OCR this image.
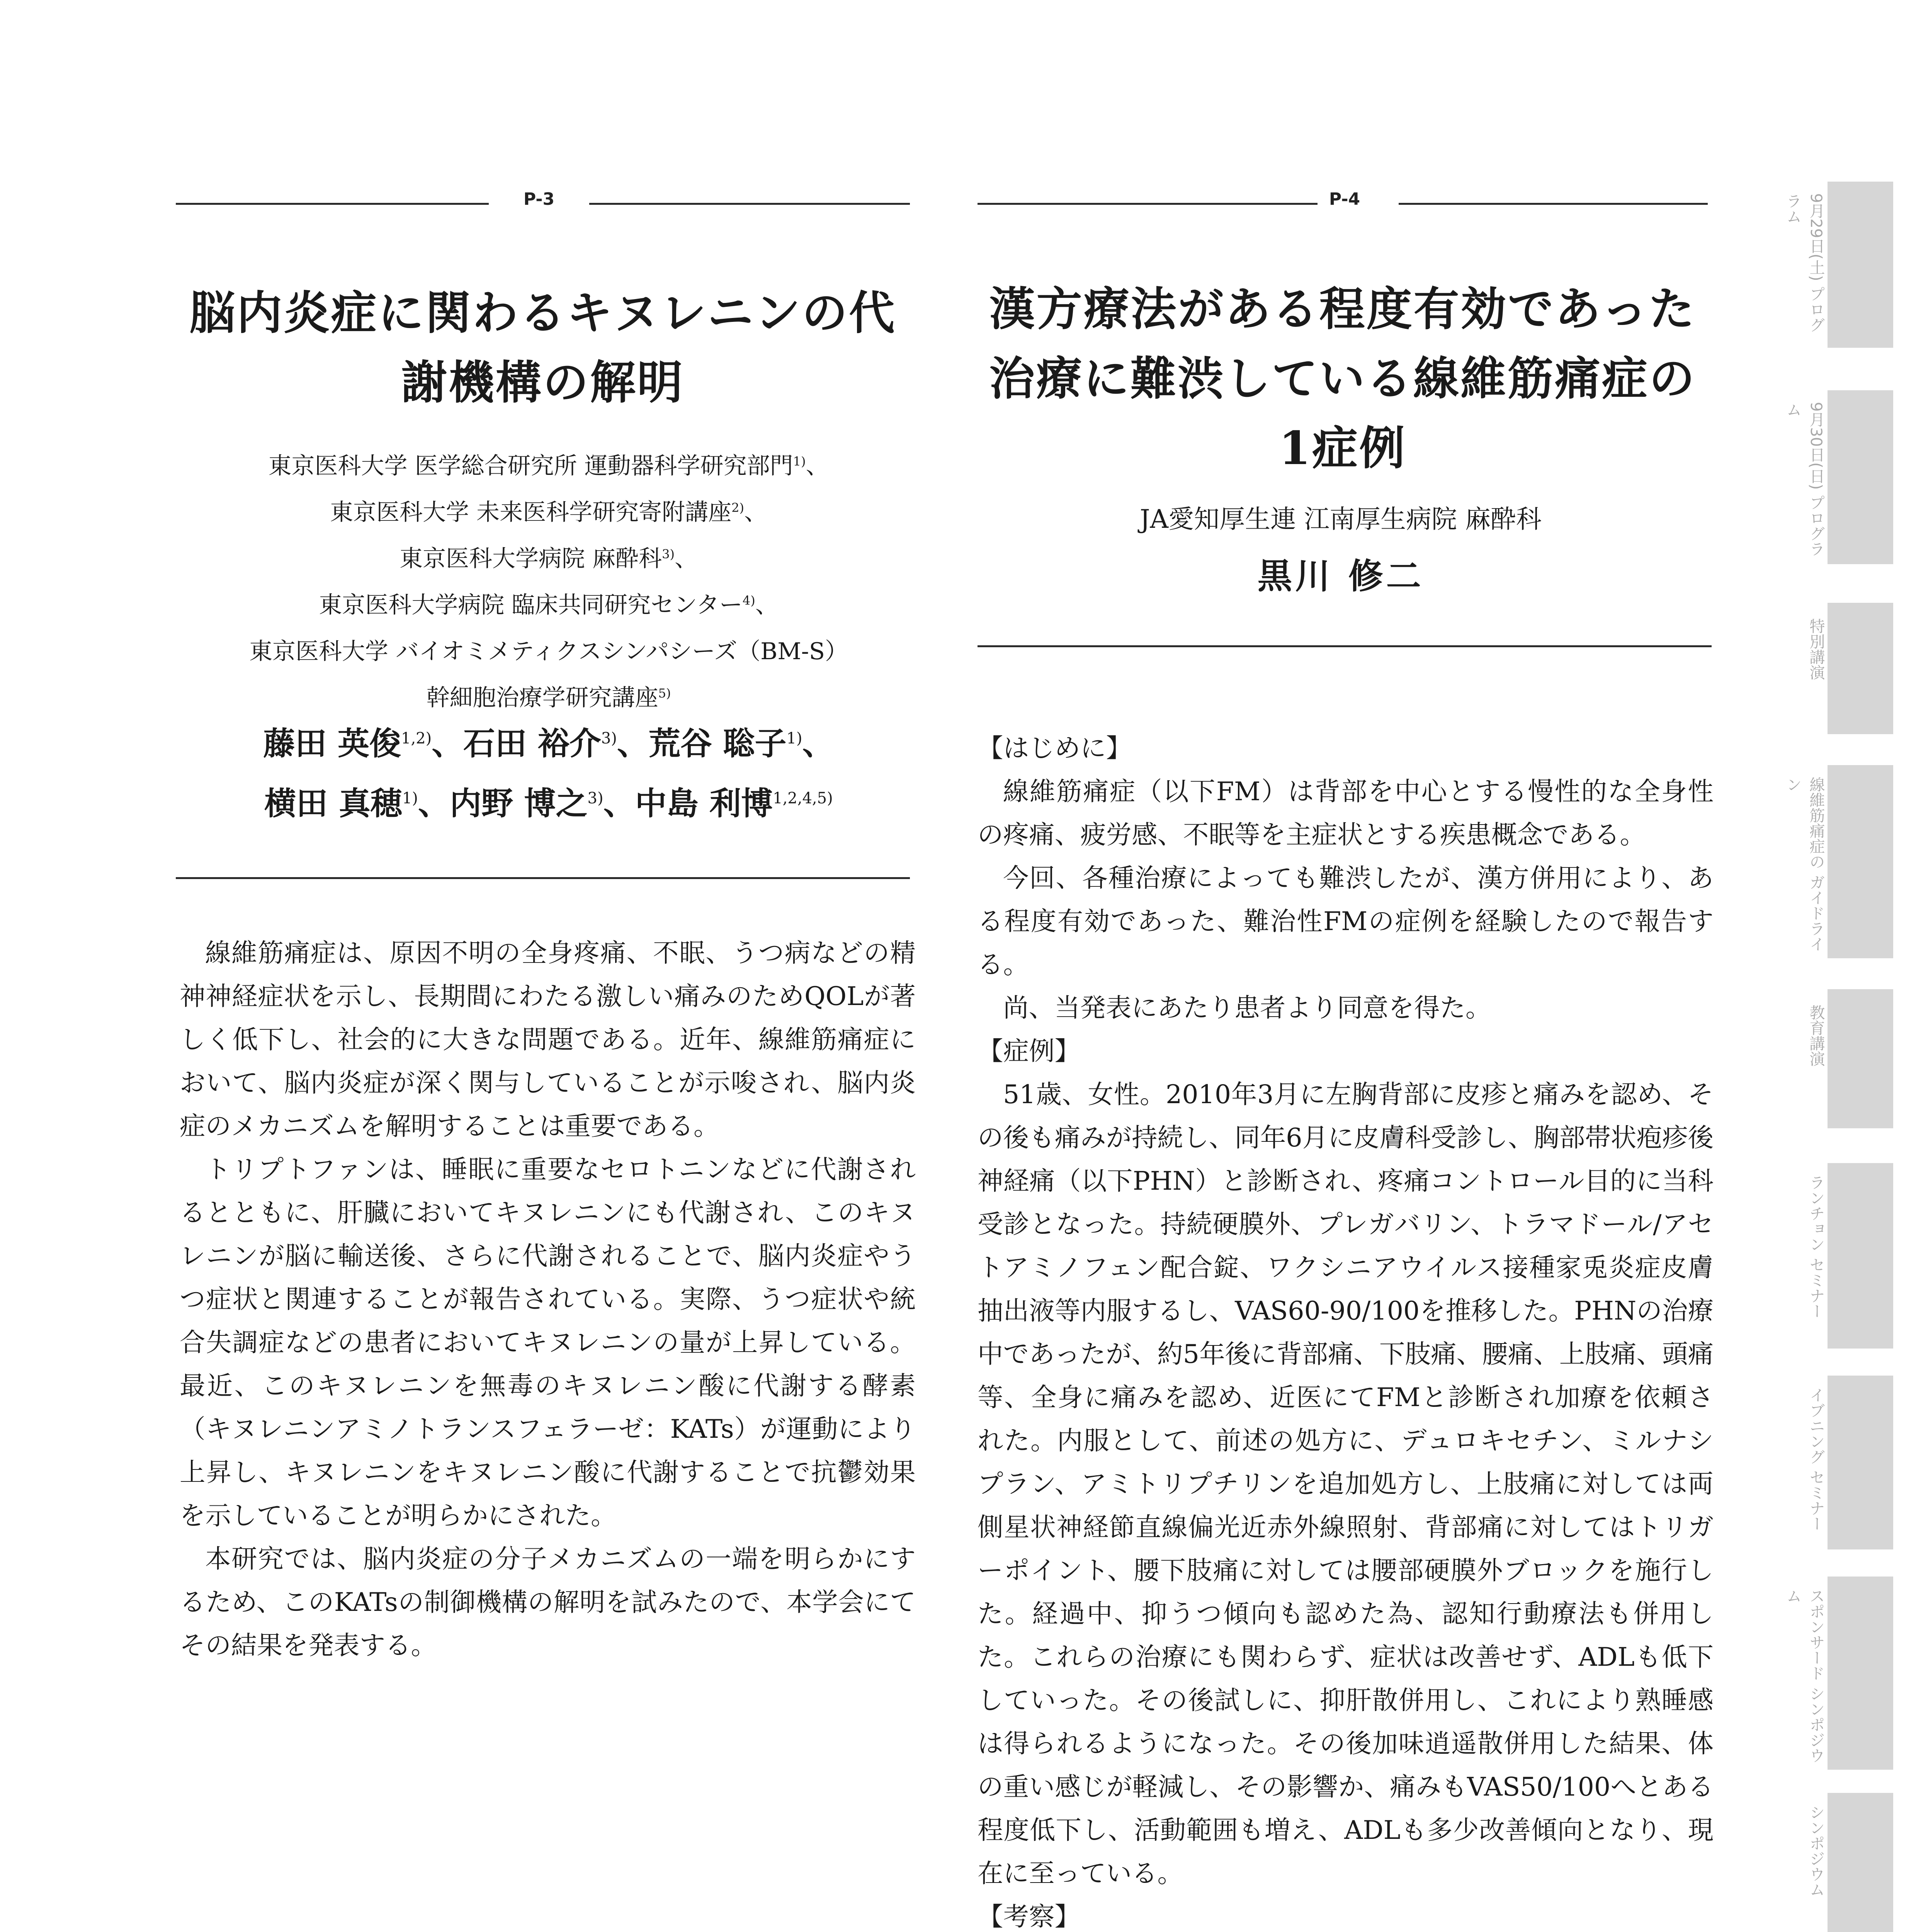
P-3
脳内炎症に関わるキヌレニンの代
謝機構の解明
東京医科大学 医学総合研究所 運動器科学研究部門$^{1)}$、
東京医科大学 未来医科学研究寄附講座$^{2)}$、
東京医科大学病院 麻酔科$^{3)}$、
東京医科大学病院 臨床共同研究センター$^{4)}$、
東京医科大学 バイオミメティクスシンパシーズ（BM-S）
幹細胞治療学研究講座$^{5)}$
藤田 英俊$^{1,2)}$、石田 裕介$^{3)}$、荒谷 聡子$^{1)}$、
横田 真穂$^{1)}$、内野 博之$^{3)}$、中島 利博$^{1,2,4,5)}$

線維筋痛症は、原因不明の全身疼痛、不眠、うつ病などの精神神経症状を示し、長期間にわたる激しい痛みのためQOLが著しく低下し、社会的に大きな問題である。近年、線維筋痛症において、脳内炎症が深く関与していることが示唆され、脳内炎症のメカニズムを解明することは重要である。

トリプトファンは、睡眠に重要なセロトニンなどに代謝されるとともに、肝臓においてキヌレニンにも代謝され、このキヌレニンが脳に輸送後、さらに代謝されることで、脳内炎症やうつ症状と関連することが報告されている。実際、うつ症状や統合失調症などの患者においてキヌレニンの量が上昇している。最近、このキヌレニンを無毒のキヌレニン酸に代謝する酵素（キヌレニンアミノトランスフェラーゼ：KATs）が運動により上昇し、キヌレニンをキヌレニン酸に代謝することで抗鬱効果を示していることが明らかにされた。

本研究では、脳内炎症の分子メカニズムの一端を明らかにするため、このKATsの制御機構の解明を試みたので、本学会にてその結果を発表する。

P-4
漢方療法がある程度有効であった
治療に難渋している線維筋痛症の
1症例
JA愛知厚生連 江南厚生病院 麻酔科
黒川 修二

【はじめに】

線維筋痛症（以下FM）は背部を中心とする慢性的な全身性の疼痛、疲労感、不眠等を主症状とする疾患概念である。

今回、各種治療によっても難渋したが、漢方併用により、ある程度有効であった、難治性FMの症例を経験したので報告する。

尚、当発表にあたり患者より同意を得た。

【症例】

51歳、女性。2010年3月に左胸背部に皮疹と痛みを認め、その後も痛みが持続し、同年6月に皮膚科受診し、胸部帯状疱疹後神経痛（以下PHN）と診断され、疼痛コントロール目的に当科受診となった。持続硬膜外、プレガバリン、トラマドール/アセトアミノフェン配合錠、ワクシニアウイルス接種家兎炎症皮膚抽出液等内服するし、VAS60-90/100を推移した。PHNの治療中であったが、約5年後に背部痛、下肢痛、腰痛、上肢痛、頭痛等、全身に痛みを認め、近医にてFMと診断され加療を依頼された。内服として、前述の処方に、デュロキセチン、ミルナシプラン、アミトリプチリンを追加処方し、上肢痛に対しては両側星状神経節直線偏光近赤外線照射、背部痛に対してはトリガーポイント、腰下肢痛に対しては腰部硬膜外ブロックを施行した。経過中、抑うつ傾向も認めた為、認知行動療法も併用した。これらの治療にも関わらず、症状は改善せず、ADLも低下していった。その後試しに、抑肝散併用し、これにより熟睡感は得られるようになった。その後加味逍遥散併用した結果、体の重い感じが軽減し、その影響か、痛みもVAS50/100へとある程度低下し、活動範囲も増え、ADLも多少改善傾向となり、現在に至っている。

【考察】

9月29日(土) プログラム
9月30日(日) プログラム
特別講演
線維筋痛症の ガイドライン
教育講演
ランチョン セミナー
イブニング セミナー
スポンサード シンポジウム
シンポジウム
